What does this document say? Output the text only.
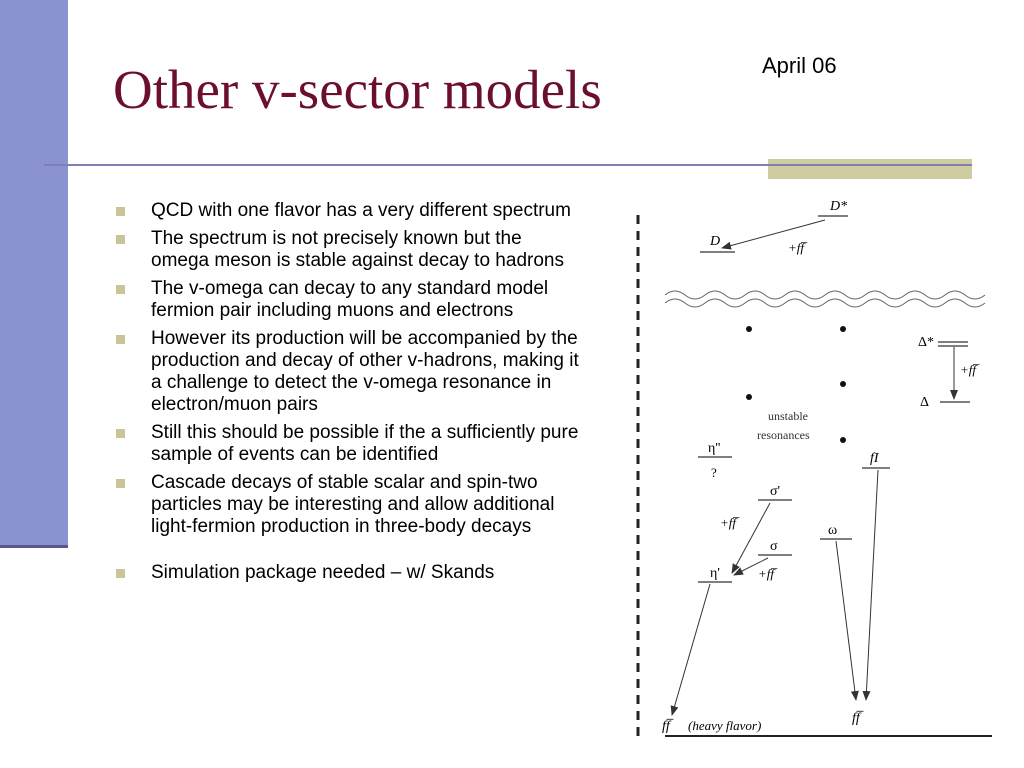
Other v-sector models	April 06
QCD with one flavor has a very different spectrum
The spectrum is not precisely known but the omega meson is stable against decay to hadrons
The v-omega can decay to any standard model fermion pair including muons and electrons
However its production will be accompanied by the production and decay of other v-hadrons, making it a challenge to detect the v-omega resonance in electron/muon pairs
Still this should be possible if the a sufficiently pure sample of events can be identified
Cascade decays of stable scalar and spin-two particles may be interesting and allow additional light-fermion production in three-body decays
Simulation package needed – w/ Skands
D*
D	+ff̅
Δ*
Δ
+ff̅
unstable
resonances
η''
?
fI
σ'
+ff̅
σ
+ff̅
ω
η'
ff̅	(heavy flavor)	ff̅
